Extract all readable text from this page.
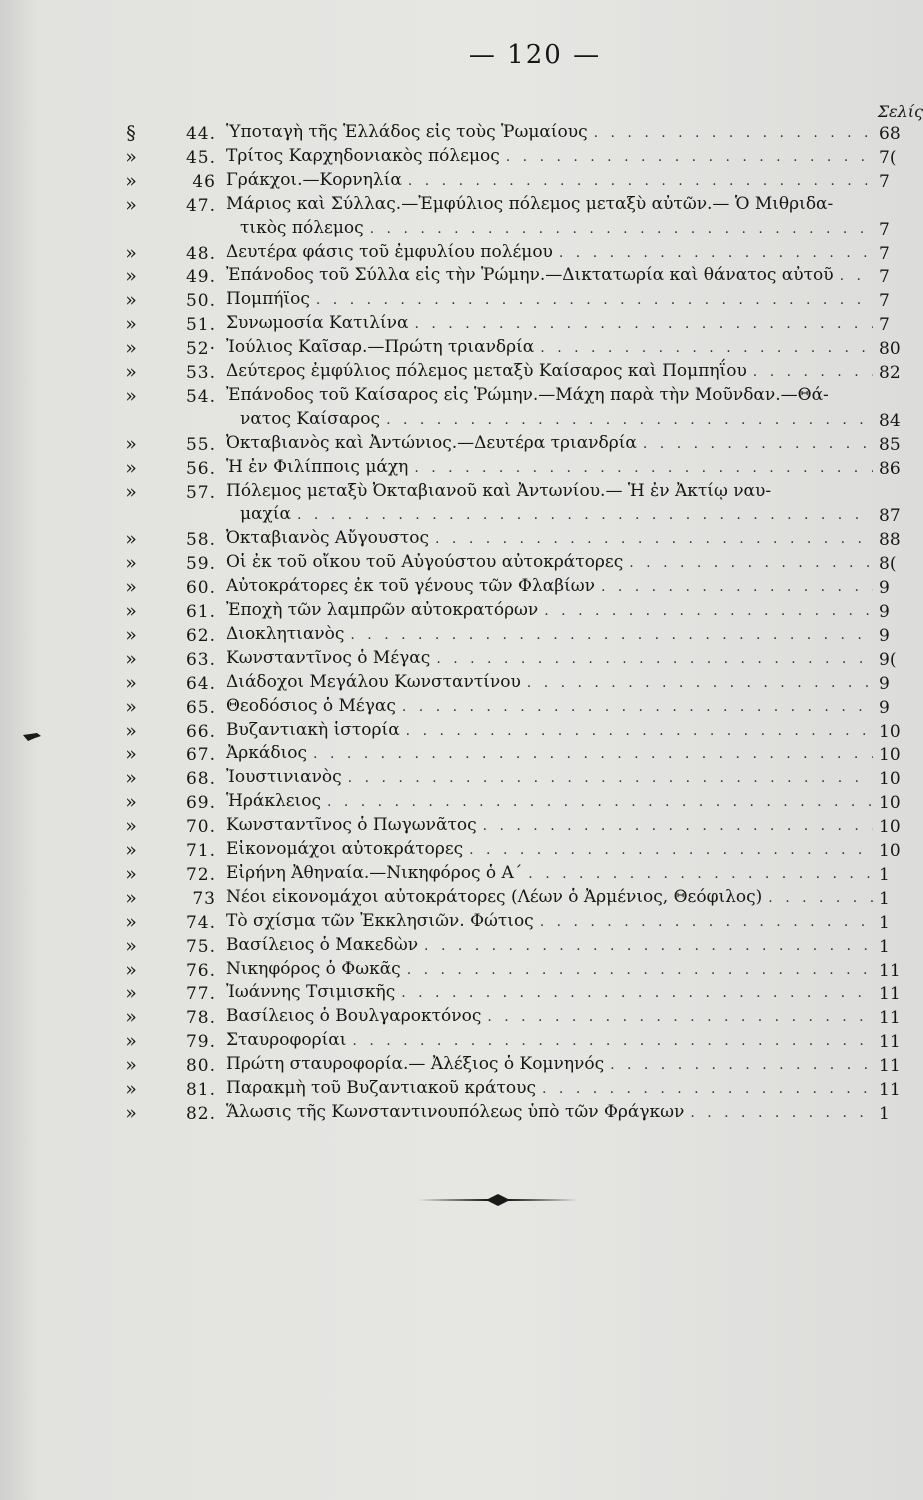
— 120 —
Σελίς
§	44. Ὑποταγὴ τῆς Ἑλλάδος εἰς τοὺς Ῥωμαίους . . .	68
»	45. Τρίτος Καρχηδονιακὸς πόλεμος . . .	7(
»	46 Γράκχοι.—Κορνηλία . . .	7
»	47. Μάριος καὶ Σύλλας.—Ἐμφύλιος πόλεμος μεταξὺ αὐτῶν.— Ὁ Μιθριδα-
τικὸς πόλεμος . . .	7
»	48. Δευτέρα φάσις τοῦ ἐμφυλίου πολέμου . . .	7
»	49. Ἐπάνοδος τοῦ Σύλλα εἰς τὴν Ῥώμην.—Δικτατωρία καὶ θάνατος αὐτοῦ . . .	7
»	50. Πομπήϊος . . .	7
»	51. Συνωμοσία Κατιλίνα . . .	7
»	52· Ἰούλιος Καῖσαρ.—Πρώτη τριανδρία . . .	80
»	53. Δεύτερος ἐμφύλιος πόλεμος μεταξὺ Καίσαρος καὶ Πομπηΐου . . .	82
»	54. Ἐπάνοδος τοῦ Καίσαρος εἰς Ῥώμην.—Μάχη παρὰ τὴν Μοῦνδαν.—Θά-
νατος Καίσαρος . . .	84
»	55. Ὀκταβιανὸς καὶ Ἀντώνιος.—Δευτέρα τριανδρία . . .	85
»	56. Ἡ ἐν Φιλίπποις μάχη . . .	86
»	57. Πόλεμος μεταξὺ Ὀκταβιανοῦ καὶ Ἀντωνίου.— Ἡ ἐν Ἀκτίῳ ναυ-
μαχία . . .	87
»	58. Ὀκταβιανὸς Αὔγουστος . . .	88
»	59. Οἱ ἐκ τοῦ οἴκου τοῦ Αὐγούστου αὐτοκράτορες . . .	8(
»	60. Αὐτοκράτορες ἐκ τοῦ γένους τῶν Φλαβίων . . .	9
»	61. Ἐποχὴ τῶν λαμπρῶν αὐτοκρατόρων . . .	9
»	62. Διοκλητιανὸς . . .	9
»	63. Κωνσταντῖνος ὁ Μέγας . . .	9(
»	64. Διάδοχοι Μεγάλου Κωνσταντίνου . . .	9
»	65. Θεοδόσιος ὁ Μέγας . . .	9
»	66. Βυζαντιακὴ ἱστορία . . .	10
»	67. Ἀρκάδιος . . .	10
»	68. Ἰουστινιανὸς . . .	10
»	69. Ἡράκλειος . . .	10
»	70. Κωνσταντῖνος ὁ Πωγωνᾶτος . . .	10
»	71. Εἰκονομάχοι αὐτοκράτορες . . .	10
»	72. Εἰρήνη Ἀθηναία.—Νικηφόρος ὁ Α΄ . . .	1
»	73 Νέοι εἰκονομάχοι αὐτοκράτορες (Λέων ὁ Ἀρμένιος, Θεόφιλος) . . .	1
»	74. Τὸ σχίσμα τῶν Ἐκκλησιῶν. Φώτιος . . .	1
»	75. Βασίλειος ὁ Μακεδὼν . . .	1
»	76. Νικηφόρος ὁ Φωκᾶς . . .	11
»	77. Ἰωάννης Τσιμισκῆς . . .	11
»	78. Βασίλειος ὁ Βουλγαροκτόνος . . .	11
»	79. Σταυροφορίαι . . .	11
»	80. Πρώτη σταυροφορία.— Ἀλέξιος ὁ Κομνηνός . . .	11
»	81. Παρακμὴ τοῦ Βυζαντιακοῦ κράτους . . .	11
»	82. Ἅλωσις τῆς Κωνσταντινουπόλεως ὑπὸ τῶν Φράγκων . . .	1
